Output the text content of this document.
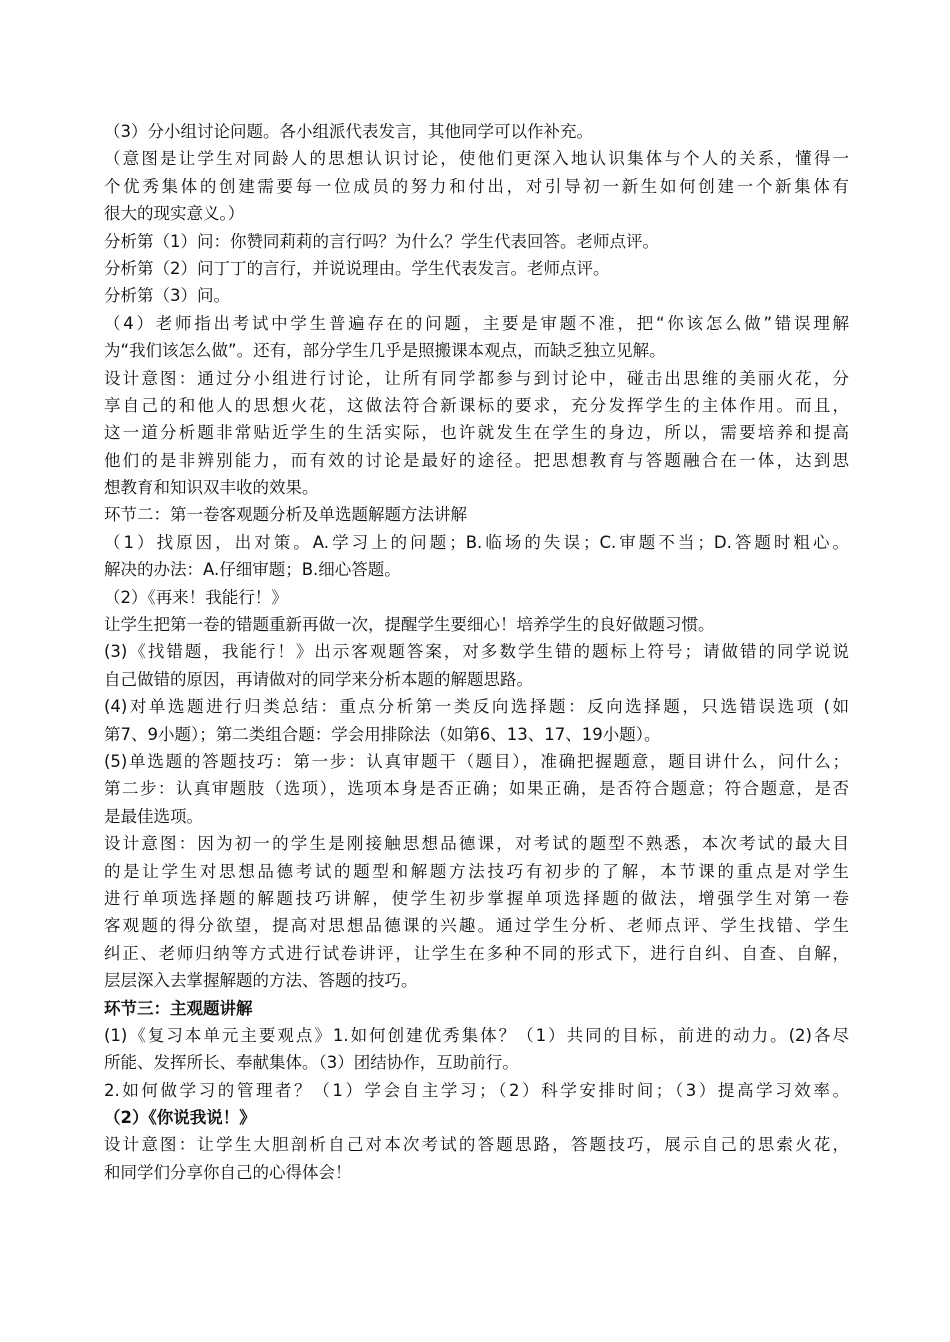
（3）分小组讨论问题。各小组派代表发言，其他同学可以作补充。
（意图是让学生对同龄人的思想认识讨论，使他们更深入地认识集体与个人的关系，懂得一
个优秀集体的创建需要每一位成员的努力和付出，对引导初一新生如何创建一个新集体有
很大的现实意义。）
分析第（1）问：你赞同莉莉的言行吗？为什么？学生代表回答。老师点评。
分析第（2）问丁丁的言行，并说说理由。学生代表发言。老师点评。
分析第（3）问。
（4）老师指出考试中学生普遍存在的问题，主要是审题不准，把“你该怎么做”错误理解
为“我们该怎么做”。还有，部分学生几乎是照搬课本观点，而缺乏独立见解。
设计意图：通过分小组进行讨论，让所有同学都参与到讨论中，碰击出思维的美丽火花，分
享自己的和他人的思想火花，这做法符合新课标的要求，充分发挥学生的主体作用。而且，
这一道分析题非常贴近学生的生活实际，也许就发生在学生的身边，所以，需要培养和提高
他们的是非辨别能力，而有效的讨论是最好的途径。把思想教育与答题融合在一体，达到思
想教育和知识双丰收的效果。
环节二：第一卷客观题分析及单选题解题方法讲解
（1）找原因，出对策。A.学习上的问题；B.临场的失误；C.审题不当；D.答题时粗心。
解决的办法：A.仔细审题；B.细心答题。
（2）《再来！我能行！》
让学生把第一卷的错题重新再做一次，提醒学生要细心！培养学生的良好做题习惯。
(3)《找错题，我能行！》出示客观题答案，对多数学生错的题标上符号；请做错的同学说说
自己做错的原因，再请做对的同学来分析本题的解题思路。
(4)对单选题进行归类总结：重点分析第一类反向选择题：反向选择题，只选错误选项 (如
第7、9小题）；第二类组合题：学会用排除法（如第6、13、17、19小题）。
(5)单选题的答题技巧：第一步：认真审题干（题目），准确把握题意，题目讲什么，问什么；
第二步：认真审题肢（选项），选项本身是否正确；如果正确，是否符合题意；符合题意，是否
是最佳选项。
设计意图：因为初一的学生是刚接触思想品德课，对考试的题型不熟悉，本次考试的最大目
的是让学生对思想品德考试的题型和解题方法技巧有初步的了解，本节课的重点是对学生
进行单项选择题的解题技巧讲解，使学生初步掌握单项选择题的做法，增强学生对第一卷
客观题的得分欲望，提高对思想品德课的兴趣。通过学生分析、老师点评、学生找错、学生
纠正、老师归纳等方式进行试卷讲评，让学生在多种不同的形式下，进行自纠、自查、自解，
层层深入去掌握解题的方法、答题的技巧。
环节三：主观题讲解
(1)《复习本单元主要观点》1.如何创建优秀集体？（1）共同的目标，前进的动力。(2)各尽
所能、发挥所长、奉献集体。（3）团结协作，互助前行。
2.如何做学习的管理者？（1）学会自主学习；（2）科学安排时间；（3）提高学习效率。
（2）《你说我说！》
设计意图：让学生大胆剖析自己对本次考试的答题思路，答题技巧，展示自己的思索火花，
和同学们分享你自己的心得体会！
